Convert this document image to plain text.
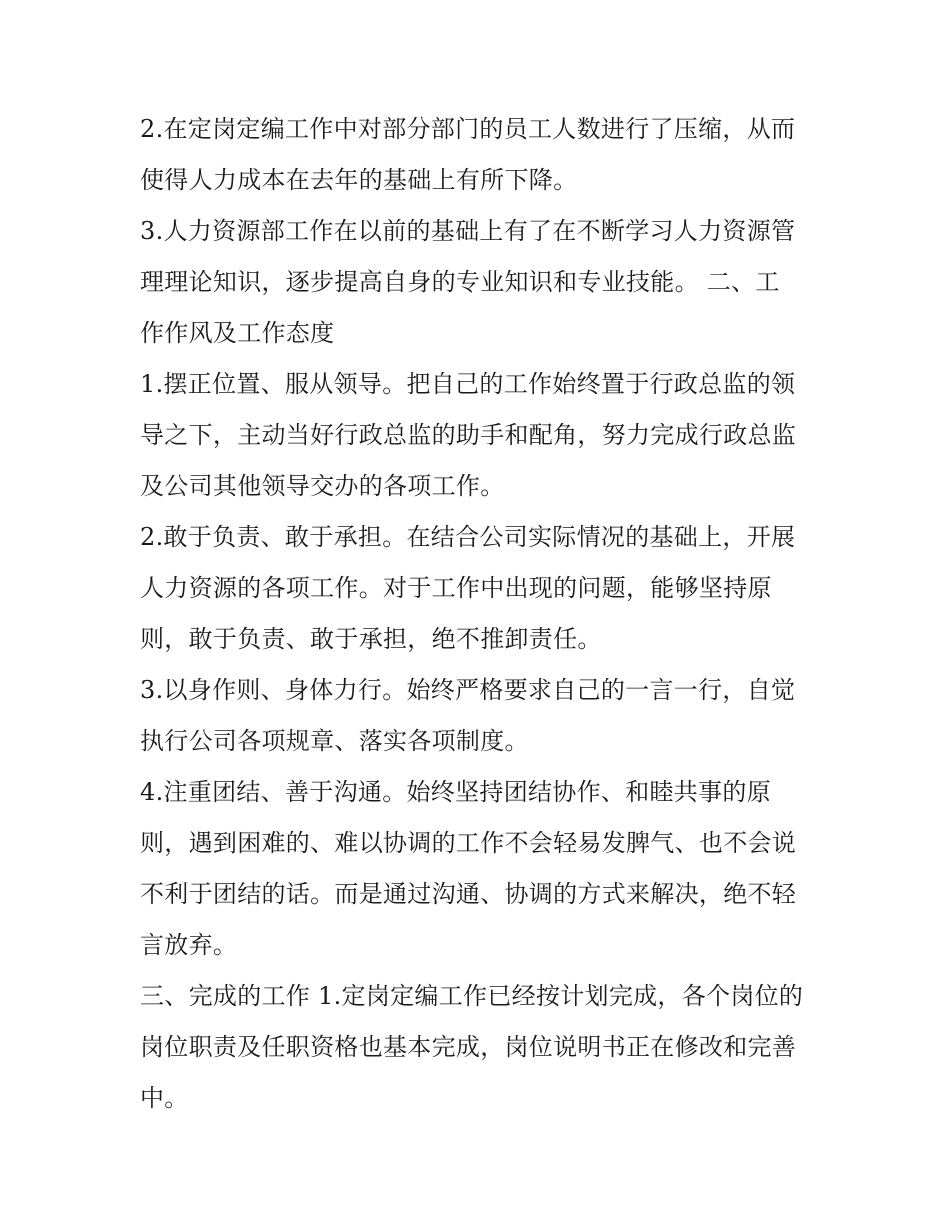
2.在定岗定编工作中对部分部门的员工人数进行了压缩，从而
使得人力成本在去年的基础上有所下降。
3.人力资源部工作在以前的基础上有了在不断学习人力资源管
理理论知识，逐步提高自身的专业知识和专业技能。 二、工
作作风及工作态度
1.摆正位置、服从领导。把自己的工作始终置于行政总监的领
导之下，主动当好行政总监的助手和配角，努力完成行政总监
及公司其他领导交办的各项工作。
2.敢于负责、敢于承担。在结合公司实际情况的基础上，开展
人力资源的各项工作。对于工作中出现的问题，能够坚持原
则，敢于负责、敢于承担，绝不推卸责任。
3.以身作则、身体力行。始终严格要求自己的一言一行，自觉
执行公司各项规章、落实各项制度。
4.注重团结、善于沟通。始终坚持团结协作、和睦共事的原
则，遇到困难的、难以协调的工作不会轻易发脾气、也不会说
不利于团结的话。而是通过沟通、协调的方式来解决，绝不轻
言放弃。
三、完成的工作 1.定岗定编工作已经按计划完成，各个岗位的
岗位职责及任职资格也基本完成，岗位说明书正在修改和完善
中。
